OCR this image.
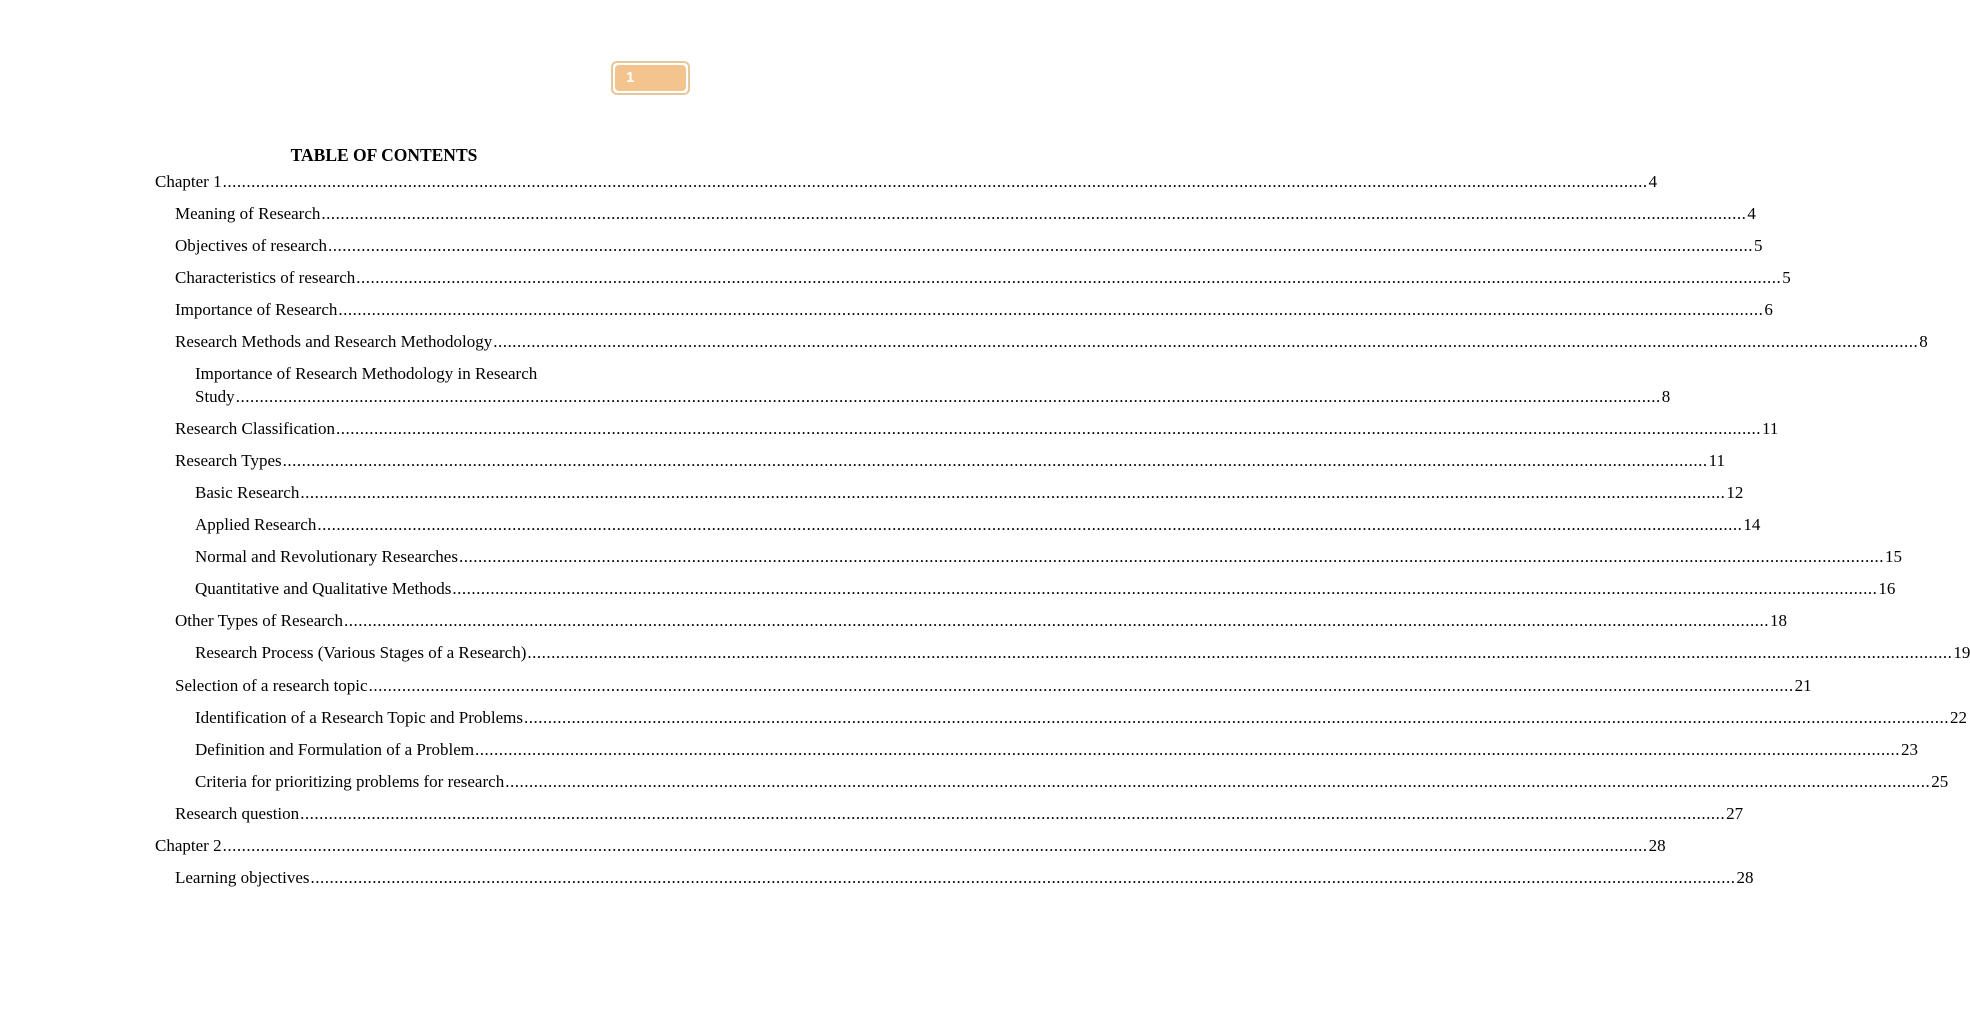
1
TABLE OF CONTENTS
Chapter 1 ............................................................................................................................................................................................................................................................................................................ 4
Meaning of Research ............................................................................................................................................................................................................................................................................................................ 4
Objectives of research ............................................................................................................................................................................................................................................................................................................ 5
Characteristics of research ............................................................................................................................................................................................................................................................................................................ 5
Importance of Research ............................................................................................................................................................................................................................................................................................................ 6
Research Methods and Research Methodology ............................................................................................................................................................................................................................................................................................................ 8
Importance of Research Methodology in Research
Study ............................................................................................................................................................................................................................................................................................................ 8
Research Classification ............................................................................................................................................................................................................................................................................................................ 11
Research Types ............................................................................................................................................................................................................................................................................................................ 11
Basic Research ............................................................................................................................................................................................................................................................................................................ 12
Applied Research ............................................................................................................................................................................................................................................................................................................ 14
Normal and Revolutionary Researches ............................................................................................................................................................................................................................................................................................................ 15
Quantitative and Qualitative Methods ............................................................................................................................................................................................................................................................................................................ 16
Other Types of Research ............................................................................................................................................................................................................................................................................................................ 18
Research Process (Various Stages of a Research) ............................................................................................................................................................................................................................................................................................................ 19
Selection of a research topic ............................................................................................................................................................................................................................................................................................................ 21
Identification of a Research Topic and Problems ............................................................................................................................................................................................................................................................................................................ 22
Definition and Formulation of a Problem ............................................................................................................................................................................................................................................................................................................ 23
Criteria for prioritizing problems for research ............................................................................................................................................................................................................................................................................................................ 25
Research question ............................................................................................................................................................................................................................................................................................................ 27
Chapter 2 ............................................................................................................................................................................................................................................................................................................ 28
Learning objectives ............................................................................................................................................................................................................................................................................................................ 28
